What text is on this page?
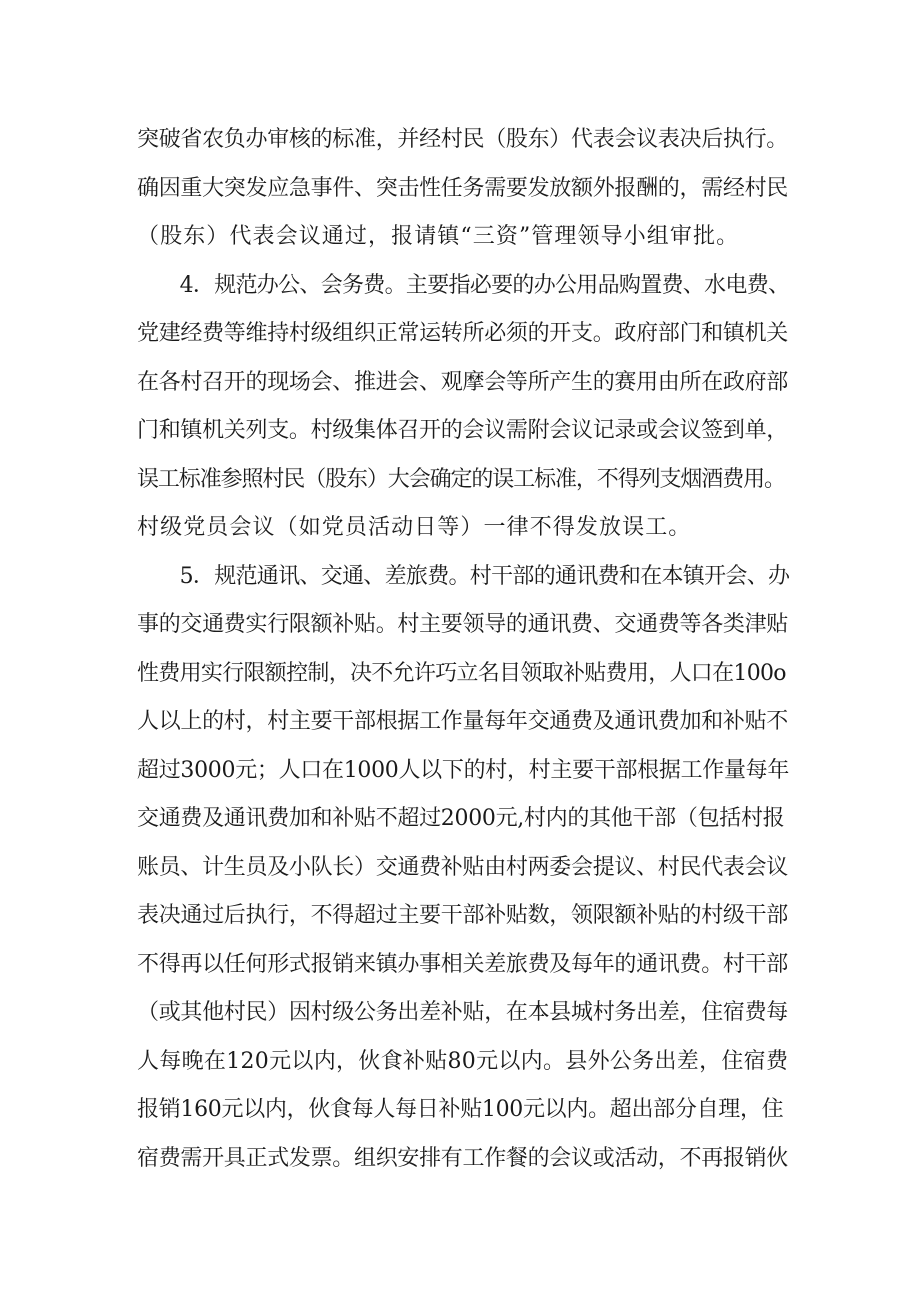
突破省农负办审核的标准，并经村民（股东）代表会议表决后执行。
确因重大突发应急事件、突击性任务需要发放额外报酬的，需经村民
（股东）代表会议通过，报请镇“三资”管理领导小组审批。
　　4．规范办公、会务费。主要指必要的办公用品购置费、水电费、
党建经费等维持村级组织正常运转所必须的开支。政府部门和镇机关
在各村召开的现场会、推进会、观摩会等所产生的赛用由所在政府部
门和镇机关列支。村级集体召开的会议需附会议记录或会议签到单，
误工标准参照村民（股东）大会确定的误工标准，不得列支烟酒费用。
村级党员会议（如党员活动日等）一律不得发放误工。
　　5．规范通讯、交通、差旅费。村干部的通讯费和在本镇开会、办
事的交通费实行限额补贴。村主要领导的通讯费、交通费等各类津贴
性费用实行限额控制，决不允许巧立名目领取补贴费用，人口在100o
人以上的村，村主要干部根据工作量每年交通费及通讯费加和补贴不
超过3000元；人口在1000人以下的村，村主要干部根据工作量每年
交通费及通讯费加和补贴不超过2000元,村内的其他干部（包括村报
账员、计生员及小队长）交通费补贴由村两委会提议、村民代表会议
表决通过后执行，不得超过主要干部补贴数，领限额补贴的村级干部
不得再以任何形式报销来镇办事相关差旅费及每年的通讯费。村干部
（或其他村民）因村级公务出差补贴，在本县城村务出差，住宿费每
人每晚在120元以内，伙食补贴80元以内。县外公务出差，住宿费
报销160元以内，伙食每人每日补贴100元以内。超出部分自理，住
宿费需开具正式发票。组织安排有工作餐的会议或活动，不再报销伙
